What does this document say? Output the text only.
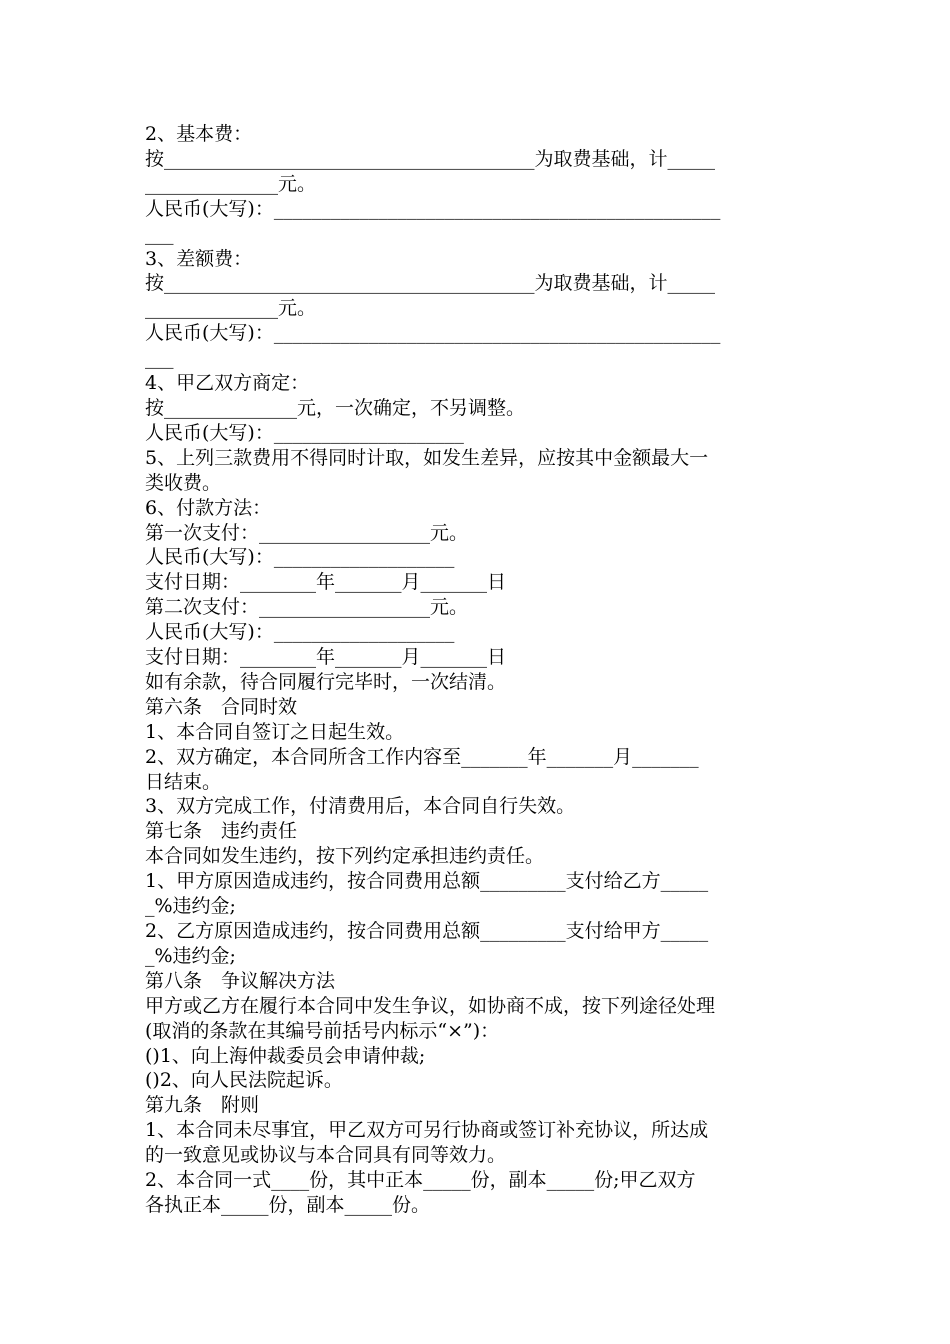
2、基本费：
按_______________________________________为取费基础，计_____
______________元。
人民币(大写)：_______________________________________________
___
3、差额费：
按_______________________________________为取费基础，计_____
______________元。
人民币(大写)：_______________________________________________
___
4、甲乙双方商定：
按______________元，一次确定，不另调整。
人民币(大写)：____________________
5、上列三款费用不得同时计取，如发生差异，应按其中金额最大一
类收费。
6、付款方法：
第一次支付：__________________元。
人民币(大写)：___________________
支付日期：________年_______月_______日
第二次支付：__________________元。
人民币(大写)：___________________
支付日期：________年_______月_______日
如有余款，待合同履行完毕时，一次结清。
第六条　合同时效
1、本合同自签订之日起生效。
2、双方确定，本合同所含工作内容至_______年_______月_______
日结束。
3、双方完成工作，付清费用后，本合同自行失效。
第七条　违约责任
本合同如发生违约，按下列约定承担违约责任。
1、甲方原因造成违约，按合同费用总额_________支付给乙方_____
_%违约金;
2、乙方原因造成违约，按合同费用总额_________支付给甲方_____
_%违约金;
第八条　争议解决方法
甲方或乙方在履行本合同中发生争议，如协商不成，按下列途径处理
(取消的条款在其编号前括号内标示“×”)：
()1、向上海仲裁委员会申请仲裁;
()2、向人民法院起诉。
第九条　附则
1、本合同未尽事宜，甲乙双方可另行协商或签订补充协议，所达成
的一致意见或协议与本合同具有同等效力。
2、本合同一式____份，其中正本_____份，副本_____份;甲乙双方
各执正本_____份，副本_____份。
